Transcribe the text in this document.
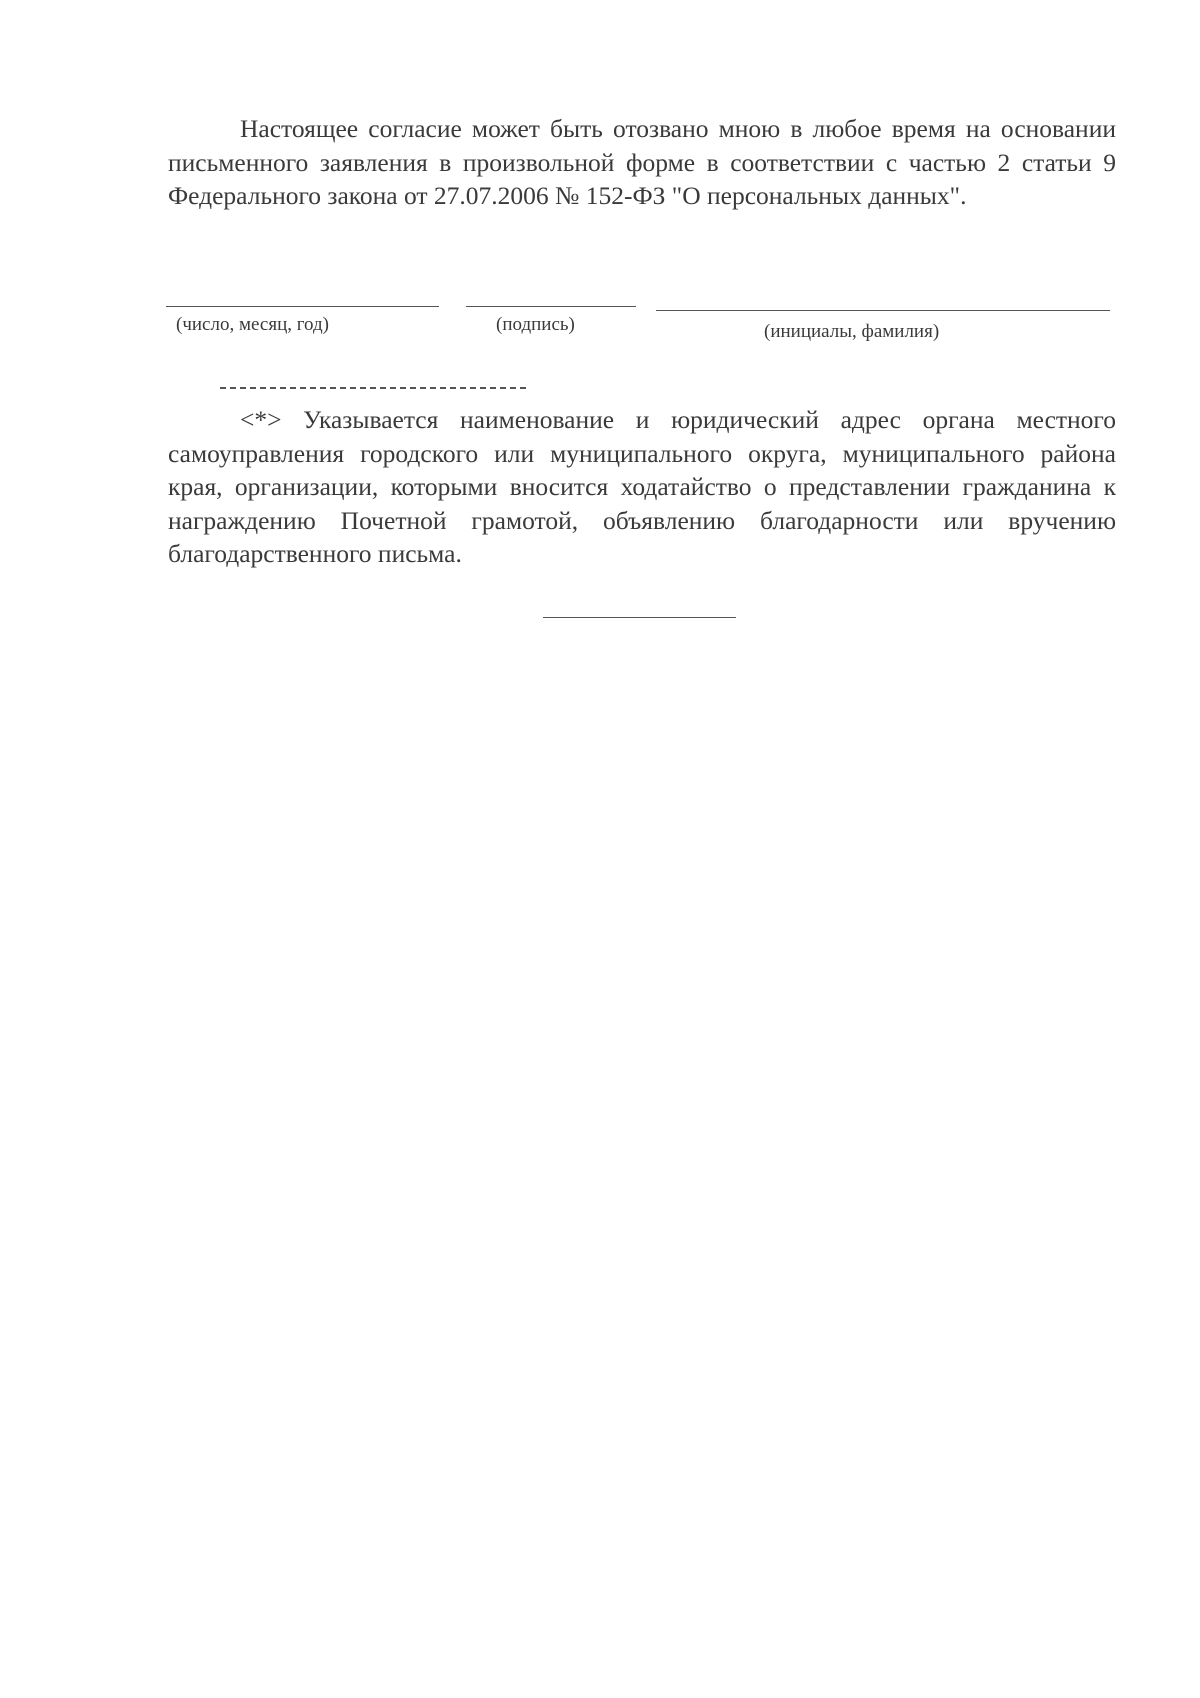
Настоящее согласие может быть отозвано мною в любое время на основании письменного заявления в произвольной форме в соответствии с частью 2 статьи 9 Федерального закона от 27.07.2006 № 152-ФЗ "О персональных данных".

(число, месяц, год)	(подпись)	(инициалы, фамилия)

<*> Указывается наименование и юридический адрес органа местного самоуправления городского или муниципального округа, муниципального района края, организации, которыми вносится ходатайство о представлении гражданина к награждению Почетной грамотой, объявлению благодарности или вручению благодарственного письма.
